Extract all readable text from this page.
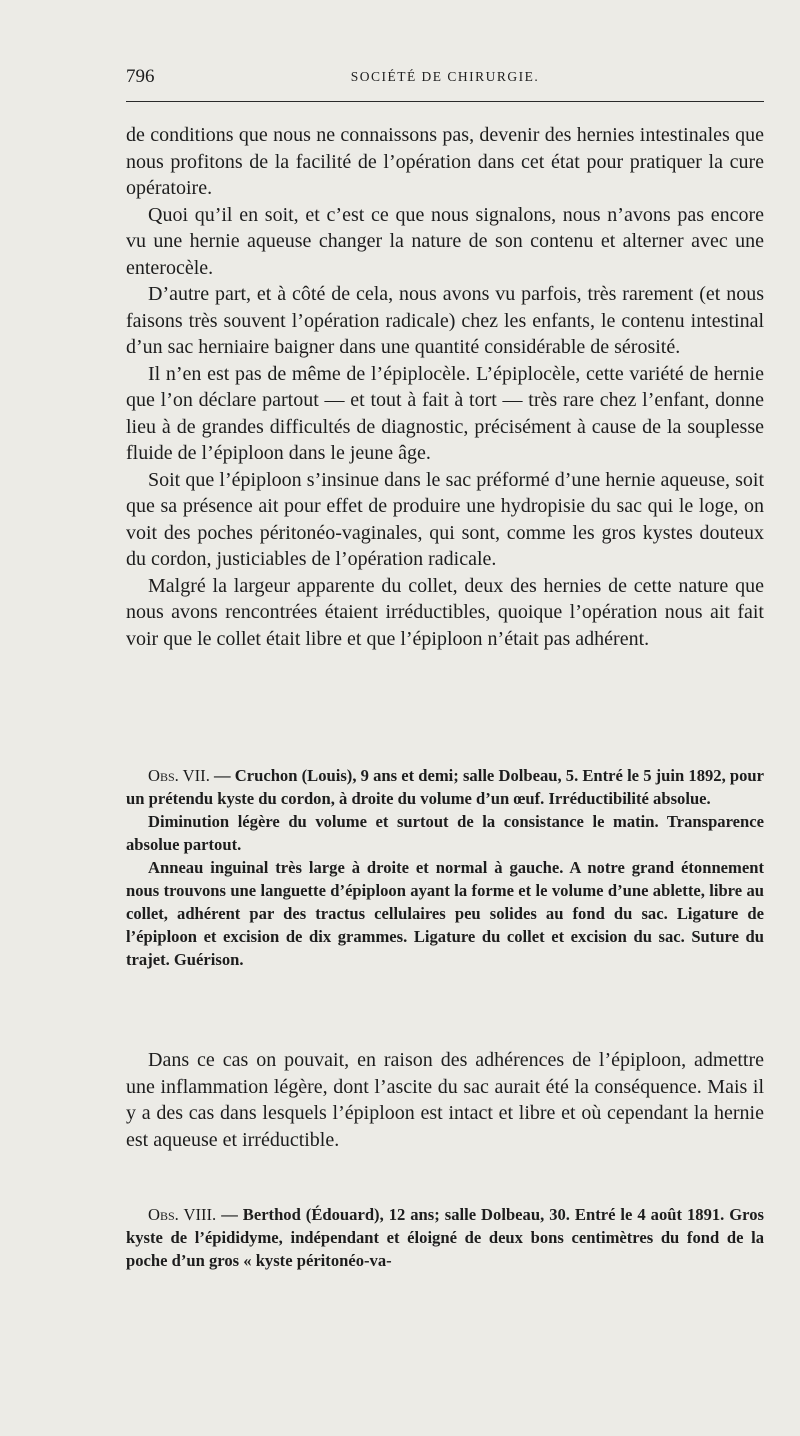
796	SOCIÉTÉ DE CHIRURGIE.

de conditions que nous ne connaissons pas, devenir des hernies intestinales que nous profitons de la facilité de l’opération dans cet état pour pratiquer la cure opératoire.

Quoi qu’il en soit, et c’est ce que nous signalons, nous n’avons pas encore vu une hernie aqueuse changer la nature de son contenu et alterner avec une enterocèle.

D’autre part, et à côté de cela, nous avons vu parfois, très rarement (et nous faisons très souvent l’opération radicale) chez les enfants, le contenu intestinal d’un sac herniaire baigner dans une quantité considérable de sérosité.

Il n’en est pas de même de l’épiplocèle. L’épiplocèle, cette variété de hernie que l’on déclare partout — et tout à fait à tort — très rare chez l’enfant, donne lieu à de grandes difficultés de diagnostic, précisément à cause de la souplesse fluide de l’épiploon dans le jeune âge.

Soit que l’épiploon s’insinue dans le sac préformé d’une hernie aqueuse, soit que sa présence ait pour effet de produire une hydropisie du sac qui le loge, on voit des poches péritonéo-vaginales, qui sont, comme les gros kystes douteux du cordon, justiciables de l’opération radicale.

Malgré la largeur apparente du collet, deux des hernies de cette nature que nous avons rencontrées étaient irréductibles, quoique l’opération nous ait fait voir que le collet était libre et que l’épiploon n’était pas adhérent.

Obs. VII. — Cruchon (Louis), 9 ans et demi; salle Dolbeau, 5. Entré le 5 juin 1892, pour un prétendu kyste du cordon, à droite du volume d’un œuf. Irréductibilité absolue.

Diminution légère du volume et surtout de la consistance le matin. Transparence absolue partout.

Anneau inguinal très large à droite et normal à gauche. A notre grand étonnement nous trouvons une languette d’épiploon ayant la forme et le volume d’une ablette, libre au collet, adhérent par des tractus cellulaires peu solides au fond du sac. Ligature de l’épiploon et excision de dix grammes. Ligature du collet et excision du sac. Suture du trajet. Guérison.

Dans ce cas on pouvait, en raison des adhérences de l’épiploon, admettre une inflammation légère, dont l’ascite du sac aurait été la conséquence. Mais il y a des cas dans lesquels l’épiploon est intact et libre et où cependant la hernie est aqueuse et irréductible.

Obs. VIII. — Berthod (Édouard), 12 ans; salle Dolbeau, 30. Entré le 4 août 1891. Gros kyste de l’épididyme, indépendant et éloigné de deux bons centimètres du fond de la poche d’un gros « kyste péritonéo-va-
